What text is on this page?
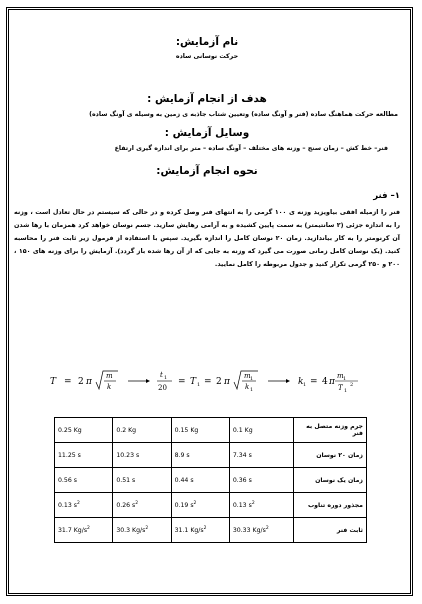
نام آزمایش:
حرکت نوسانی ساده
هدف از انجام آزمایش :
مطالعه حرکت هماهنگ ساده (فنر و آونگ ساده) وتعیین شتاب جاذبه ی زمین به وسیله ی آونگ ساده)
وسایل آزمایش :
فنر– خط کش – زمان سنج – وزنه های مختلف – آونگ ساده – متر برای اندازه گیری ارتفاع
نحوه انجام آزمایش:
۱– فنر
فنر را ازمیله افقی بیاویزید وزنه ی ۱۰۰ گرمی را به انتهای فنر وصل کرده و در حالی که سیستم در حال تعادل است ، وزنه را به اندازه جزئی (۲ سانتیمتر) به سمت پایین کشیده و به آرامی رهایش سازید. جسم نوسان خواهد کرد همزمان با رها شدن آن کرنومتر را به کار بیاندازید. زمان ۲۰ نوسان کامل را اندازه بگیرید. سپس با استفاده از فرمول زیر ثابت فنر را محاسبه کنید. (یک نوسان کامل زمانی صورت می گیرد که وزنه به جایی که از آن رها شده باز گردد). آزمایش را برای وزنه های ۱۵۰ ، ۲۰۰ و ۲۵۰ گرمی تکرار کنید و جدول مربوطه را کامل نمایید.
T = 2 π
m
k
t 1
20
= T 1 = 2 π
m 1
k 1
k 1 = 4 π
m 1
T 1
2
جرم وزنه متصل به فنر	0.1 Kg	0.15 Kg	0.2 Kg	0.25 Kg
زمان ۲۰ نوسان	7.34 s	8.9 s	10.23 s	11.25 s
زمان یک نوسان	0.36 s	0.44 s	0.51 s	0.56 s
مجذور دوره تناوب	0.13 $s^2$	0.19 $s^2$	0.26 $s^2$	0.13 $s^2$
ثابت فنر	30.33 $Kg/s^2$	31.1 $Kg/s^2$	30.3 $Kg/s^2$	31.7 $Kg/s^2$
